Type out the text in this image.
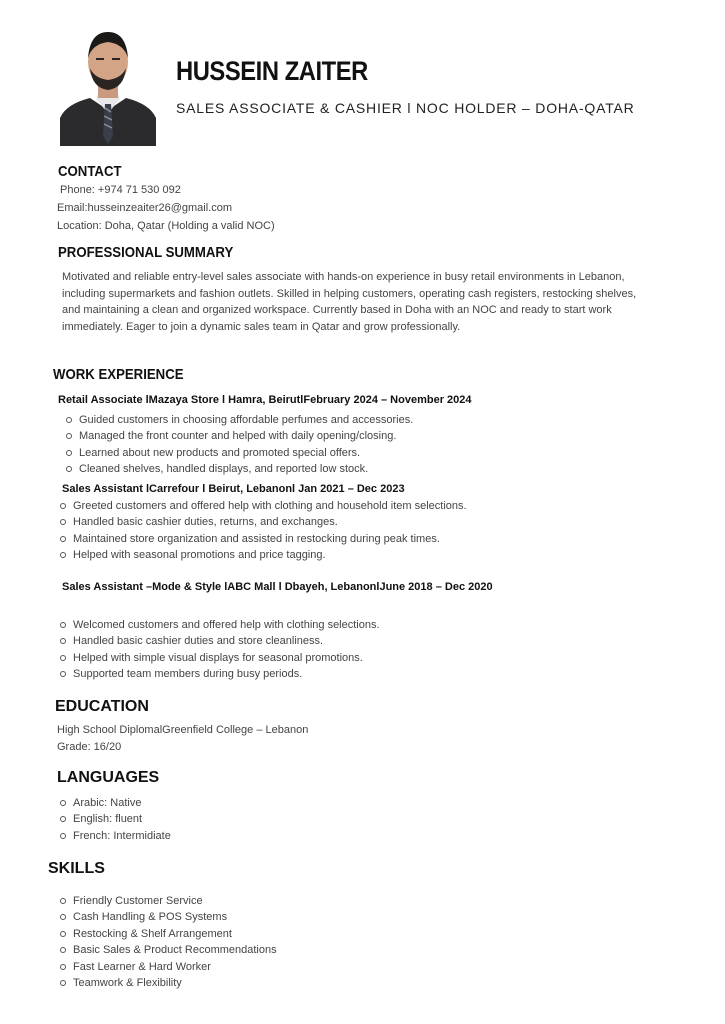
HUSSEIN ZAITER
SALES ASSOCIATE & CASHIER l NOC HOLDER – DOHA-QATAR
CONTACT
Phone: +974 71 530 092
Email:husseinzeaiter26@gmail.com
Location: Doha, Qatar (Holding a valid NOC)
PROFESSIONAL SUMMARY
Motivated and reliable entry-level sales associate with hands-on experience in busy retail environments in Lebanon, including supermarkets and fashion outlets. Skilled in helping customers, operating cash registers, restocking shelves, and maintaining a clean and organized workspace. Currently based in Doha with an NOC and ready to start work immediately. Eager to join a dynamic sales team in Qatar and grow professionally.
WORK EXPERIENCE
Retail Associate lMazaya Store l Hamra, BeirutlFebruary 2024 – November 2024
Guided customers in choosing affordable perfumes and accessories.
Managed the front counter and helped with daily opening/closing.
Learned about new products and promoted special offers.
Cleaned shelves, handled displays, and reported low stock.
Sales Assistant lCarrefour l Beirut, Lebanonl Jan 2021 – Dec 2023
Greeted customers and offered help with clothing and household item selections.
Handled basic cashier duties, returns, and exchanges.
Maintained store organization and assisted in restocking during peak times.
Helped with seasonal promotions and price tagging.
Sales Assistant –Mode & Style lABC Mall l Dbayeh, LebanonlJune 2018 – Dec 2020
Welcomed customers and offered help with clothing selections.
Handled basic cashier duties and store cleanliness.
Helped with simple visual displays for seasonal promotions.
Supported team members during busy periods.
EDUCATION
High School DiplomalGreenfield College – Lebanon
Grade: 16/20
LANGUAGES
Arabic: Native
English: fluent
French: Intermidiate
SKILLS
Friendly Customer Service
Cash Handling & POS Systems
Restocking & Shelf Arrangement
Basic Sales & Product Recommendations
Fast Learner & Hard Worker
Teamwork & Flexibility
